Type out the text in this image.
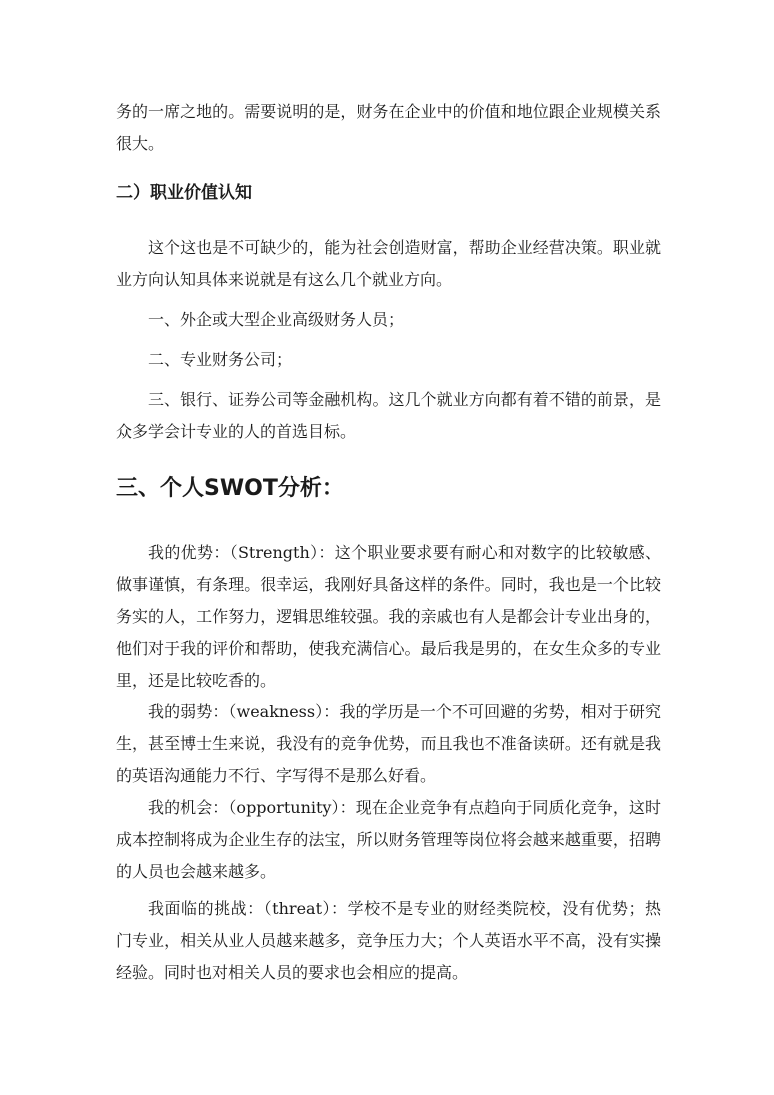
务的一席之地的。需要说明的是，财务在企业中的价值和地位跟企业规模关系很大。

二）职业价值认知

这个这也是不可缺少的，能为社会创造财富，帮助企业经营决策。职业就业方向认知具体来说就是有这么几个就业方向。

一、外企或大型企业高级财务人员；

二、专业财务公司；

三、银行、证券公司等金融机构。这几个就业方向都有着不错的前景，是众多学会计专业的人的首选目标。

三、个人SWOT分析：

我的优势：（Strength）：这个职业要求要有耐心和对数字的比较敏感、做事谨慎，有条理。很幸运，我刚好具备这样的条件。同时，我也是一个比较务实的人，工作努力，逻辑思维较强。我的亲戚也有人是都会计专业出身的，他们对于我的评价和帮助，使我充满信心。最后我是男的，在女生众多的专业里，还是比较吃香的。

我的弱势：（weakness）：我的学历是一个不可回避的劣势，相对于研究生，甚至博士生来说，我没有的竞争优势，而且我也不准备读研。还有就是我的英语沟通能力不行、字写得不是那么好看。

我的机会：（opportunity）：现在企业竞争有点趋向于同质化竞争，这时成本控制将成为企业生存的法宝，所以财务管理等岗位将会越来越重要，招聘的人员也会越来越多。

我面临的挑战：（threat）：学校不是专业的财经类院校，没有优势；热门专业，相关从业人员越来越多，竞争压力大；个人英语水平不高，没有实操经验。同时也对相关人员的要求也会相应的提高。
